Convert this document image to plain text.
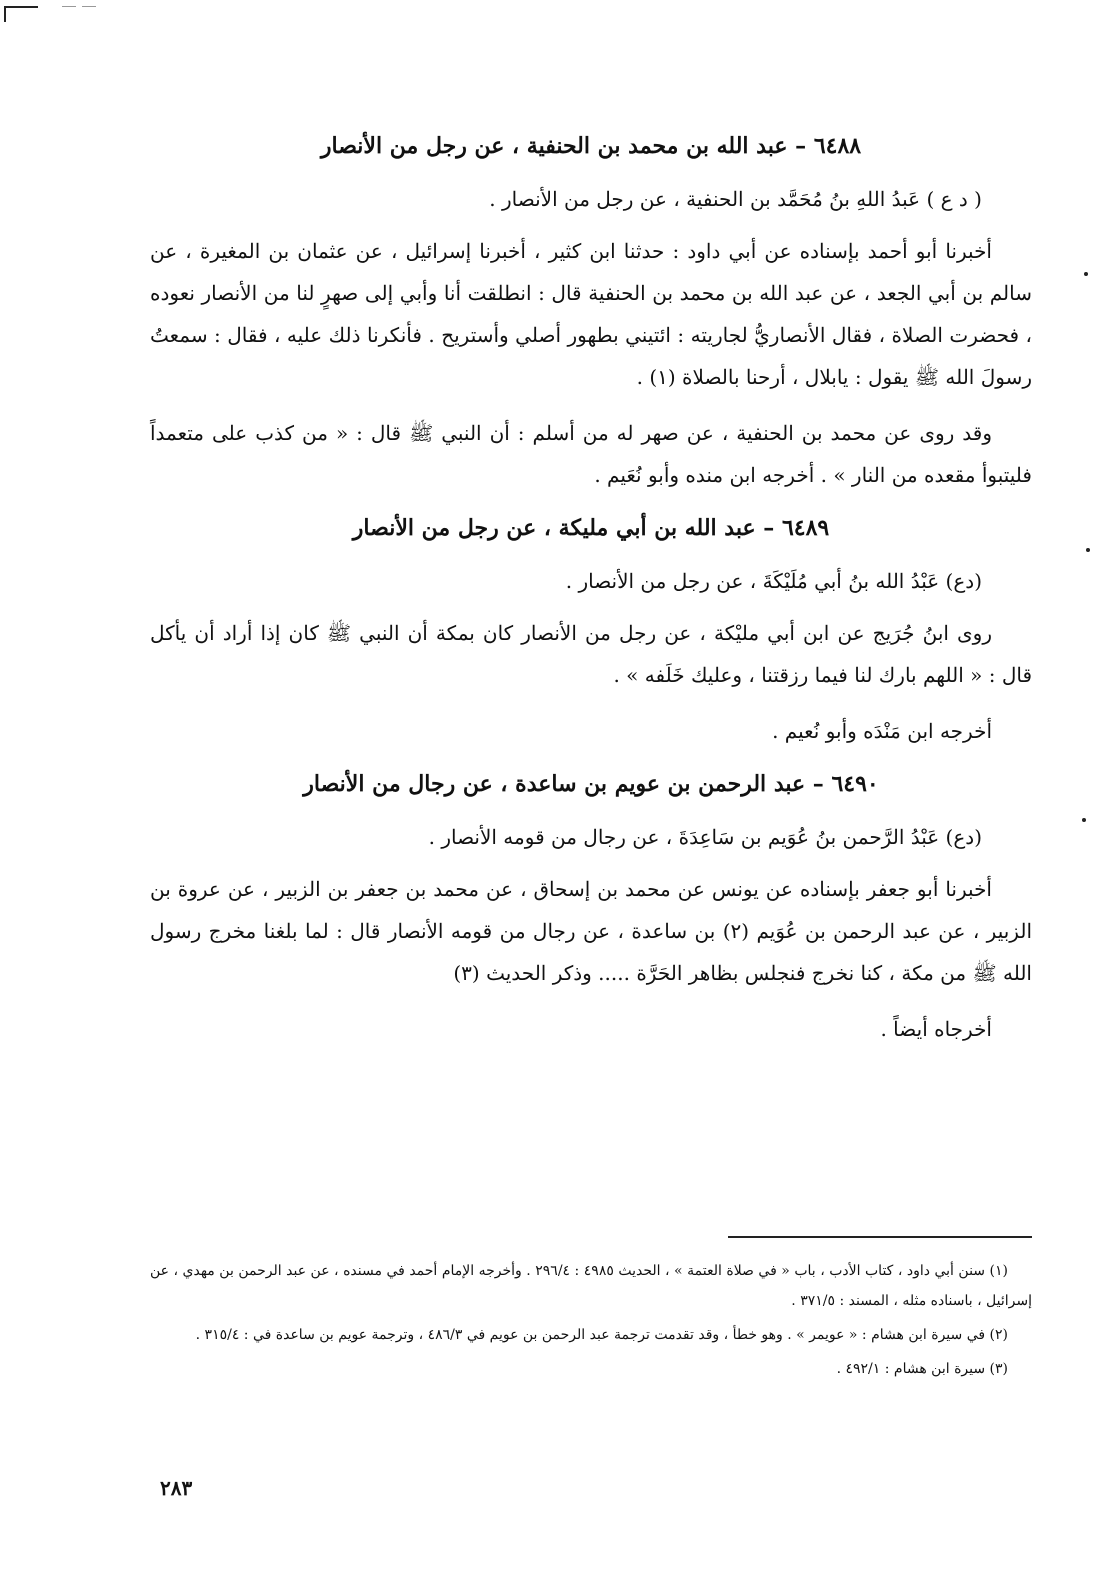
٦٤٨٨ – عبد الله بن محمد بن الحنفية ، عن رجل من الأنصار

( د ع ) عَبدُ اللهِ بنُ مُحَمَّد بن الحنفية ، عن رجل من الأنصار .

أخبرنا أبو أحمد بإسناده عن أبي داود : حدثنا ابن كثير ، أخبرنا إسرائيل ، عن عثمان بن المغيرة ، عن سالم بن أبي الجعد ، عن عبد الله بن محمد بن الحنفية قال : انطلقت أنا وأبي إلى صهرٍ لنا من الأنصار نعوده ، فحضرت الصلاة ، فقال الأنصاريُّ لجاريته : ائتيني بطهور أصلي وأستريح . فأنكرنا ذلك عليه ، فقال : سمعتُ رسولَ الله ﷺ يقول : يابلال ، أرحنا بالصلاة (١) .

وقد روى عن محمد بن الحنفية ، عن صهر له من أسلم : أن النبي ﷺ قال : « من كذب على متعمداً فليتبوأ مقعده من النار » . أخرجه ابن منده وأبو نُعَيم .

٦٤٨٩ – عبد الله بن أبي مليكة ، عن رجل من الأنصار

(دع) عَبْدُ الله بنُ أبي مُلَيْكَةَ ، عن رجل من الأنصار .

روى ابنُ جُرَيج عن ابن أبي مليْكة ، عن رجل من الأنصار كان بمكة أن النبي ﷺ كان إذا أراد أن يأكل قال : « اللهم بارك لنا فيما رزقتنا ، وعليك خَلَفه » .

أخرجه ابن مَنْدَه وأبو نُعيم .

٦٤٩٠ – عبد الرحمن بن عويم بن ساعدة ، عن رجال من الأنصار

(دع) عَبْدُ الرَّحمن بنُ عُوَيم بن سَاعِدَةَ ، عن رجال من قومه الأنصار .

أخبرنا أبو جعفر بإسناده عن يونس عن محمد بن إسحاق ، عن محمد بن جعفر بن الزبير ، عن عروة بن الزبير ، عن عبد الرحمن بن عُوَيم (٢) بن ساعدة ، عن رجال من قومه الأنصار قال : لما بلغنا مخرج رسول الله ﷺ من مكة ، كنا نخرج فنجلس بظاهر الحَرَّة ..... وذكر الحديث (٣)

أخرجاه أيضاً .

(١) سنن أبي داود ، كتاب الأدب ، باب « في صلاة العتمة » ، الحديث ٤٩٨٥ : ٢٩٦/٤ . وأخرجه الإمام أحمد في مسنده ، عن عبد الرحمن بن مهدي ، عن إسرائيل ، باسناده مثله ، المسند : ٣٧١/٥ .

(٢) في سيرة ابن هشام : « عويمر » . وهو خطأ ، وقد تقدمت ترجمة عبد الرحمن بن عويم في ٤٨٦/٣ ، وترجمة عويم بن ساعدة في : ٣١٥/٤ .

(٣) سيرة ابن هشام : ٤٩٢/١ .

٢٨٣
